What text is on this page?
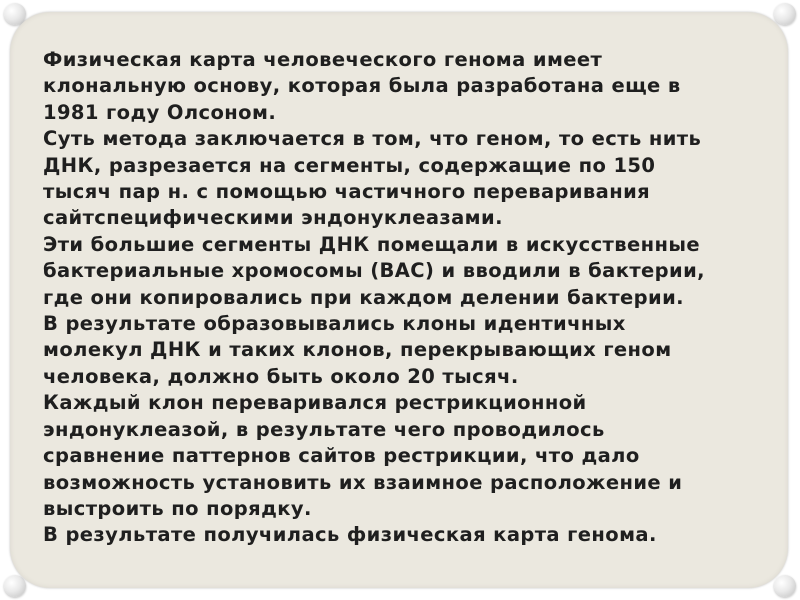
Физическая карта человеческого генома имеет
клональную основу, которая была разработана еще в
1981 году Олсоном.
Суть метода заключается в том, что геном, то есть нить
ДНК, разрезается на сегменты, содержащие по 150
тысяч пар н. с помощью частичного переваривания
сайтспецифическими эндонуклеазами.
Эти большие сегменты ДНК помещали в искусственные
бактериальные хромосомы (BAC) и вводили в бактерии,
где они копировались при каждом делении бактерии.
В результате образовывались клоны идентичных
молекул ДНК и таких клонов, перекрывающих геном
человека, должно быть около 20 тысяч.
Каждый клон переваривался рестрикционной
эндонуклеазой, в результате чего проводилось
сравнение паттернов сайтов рестрикции, что дало
возможность установить их взаимное расположение и
выстроить по порядку.
В результате получилась физическая карта генома.
